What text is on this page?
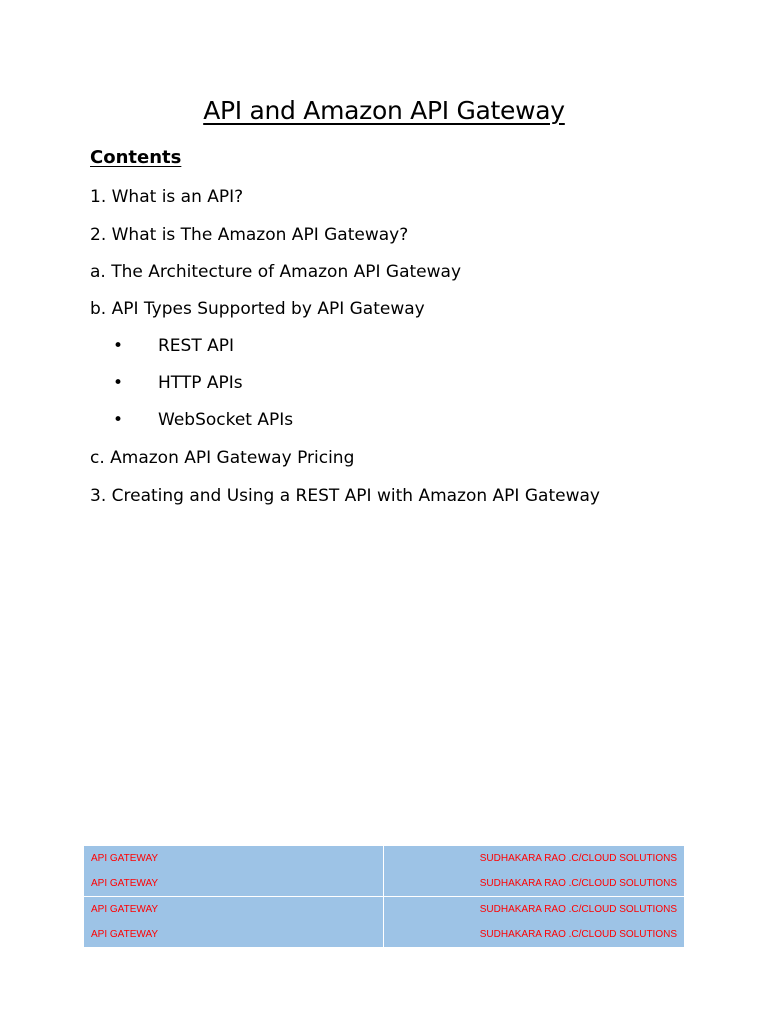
API and Amazon API Gateway
Contents

1. What is an API?

2. What is The Amazon API Gateway?

a. The Architecture of Amazon API Gateway

b. API Types Supported by API Gateway

• REST API

• HTTP APIs

• WebSocket APIs

c. Amazon API Gateway Pricing

3. Creating and Using a REST API with Amazon API Gateway

API GATEWAY	SUDHAKARA RAO .C/CLOUD SOLUTIONS
API GATEWAY	SUDHAKARA RAO .C/CLOUD SOLUTIONS
API GATEWAY	SUDHAKARA RAO .C/CLOUD SOLUTIONS
API GATEWAY	SUDHAKARA RAO .C/CLOUD SOLUTIONS
